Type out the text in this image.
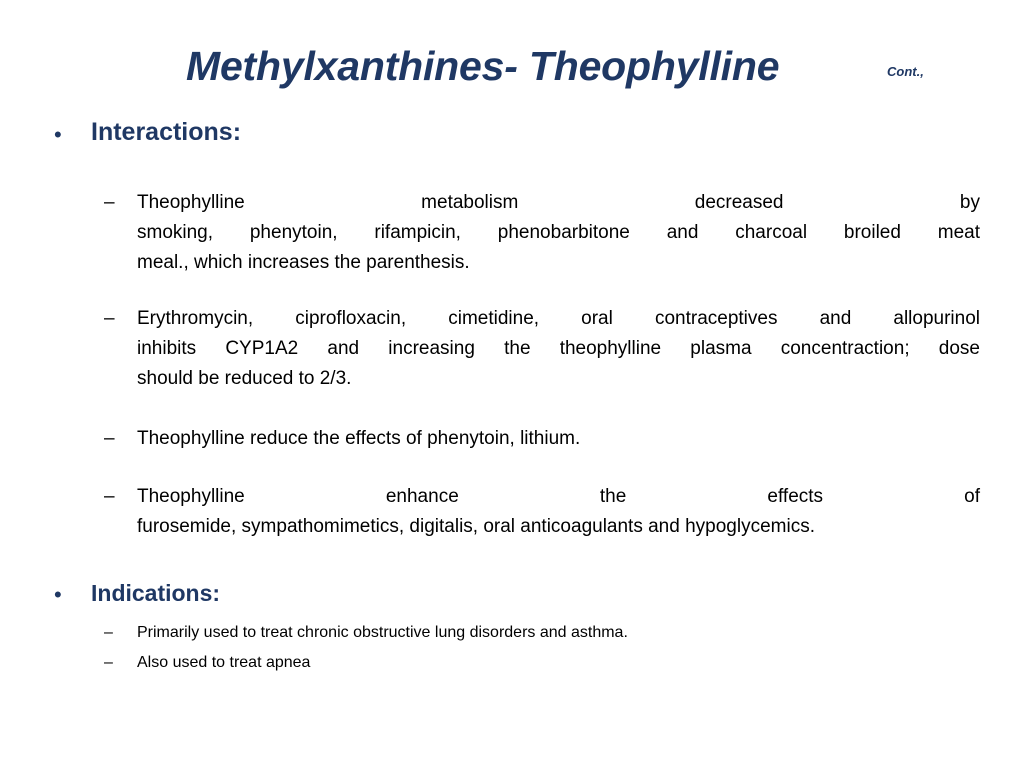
Methylxanthines- Theophylline	Cont.,
• Interactions:
– Theophylline metabolism decreased by
smoking, phenytoin, rifampicin, phenobarbitone and charcoal broiled meat
meal., which increases the parenthesis.
– Erythromycin, ciprofloxacin, cimetidine, oral contraceptives and allopurinol
inhibits CYP1A2 and increasing the theophylline plasma concentraction; dose
should be reduced to 2/3.
– Theophylline reduce the effects of phenytoin, lithium.
– Theophylline enhance the effects of
furosemide, sympathomimetics, digitalis, oral anticoagulants and hypoglycemics.
• Indications:
– Primarily used to treat chronic obstructive lung disorders and asthma.
– Also used to treat apnea
